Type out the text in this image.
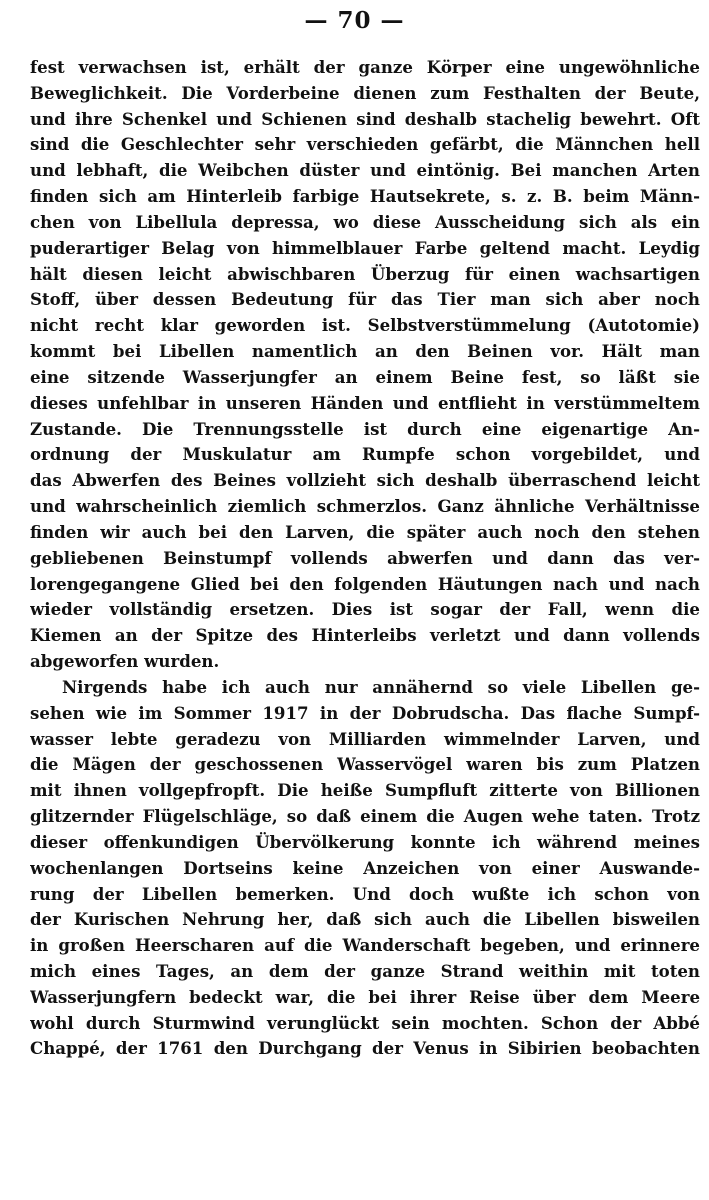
— 70 —
fest verwachsen ist, erhält der ganze Körper eine ungewöhnliche
Beweglichkeit. Die Vorderbeine dienen zum Festhalten der Beute,
und ihre Schenkel und Schienen sind deshalb stachelig bewehrt. Oft
sind die Geschlechter sehr verschieden gefärbt, die Männchen hell
und lebhaft, die Weibchen düster und eintönig. Bei manchen Arten
finden sich am Hinterleib farbige Hautsekrete, s. z. B. beim Männ-
chen von Libellula depressa, wo diese Ausscheidung sich als ein
puderartiger Belag von himmelblauer Farbe geltend macht. Leydig
hält diesen leicht abwischbaren Überzug für einen wachsartigen
Stoff, über dessen Bedeutung für das Tier man sich aber noch
nicht recht klar geworden ist. Selbstverstümmelung (Autotomie)
kommt bei Libellen namentlich an den Beinen vor. Hält man
eine sitzende Wasserjungfer an einem Beine fest, so läßt sie
dieses unfehlbar in unseren Händen und entflieht in verstümmeltem
Zustande. Die Trennungsstelle ist durch eine eigenartige An-
ordnung der Muskulatur am Rumpfe schon vorgebildet, und
das Abwerfen des Beines vollzieht sich deshalb überraschend leicht
und wahrscheinlich ziemlich schmerzlos. Ganz ähnliche Verhältnisse
finden wir auch bei den Larven, die später auch noch den stehen
gebliebenen Beinstumpf vollends abwerfen und dann das ver-
lorengegangene Glied bei den folgenden Häutungen nach und nach
wieder vollständig ersetzen. Dies ist sogar der Fall, wenn die
Kiemen an der Spitze des Hinterleibs verletzt und dann vollends
abgeworfen wurden.
Nirgends habe ich auch nur annähernd so viele Libellen ge-
sehen wie im Sommer 1917 in der Dobrudscha. Das flache Sumpf-
wasser lebte geradezu von Milliarden wimmelnder Larven, und
die Mägen der geschossenen Wasservögel waren bis zum Platzen
mit ihnen vollgepfropft. Die heiße Sumpfluft zitterte von Billionen
glitzernder Flügelschläge, so daß einem die Augen wehe taten. Trotz
dieser offenkundigen Übervölkerung konnte ich während meines
wochenlangen Dortseins keine Anzeichen von einer Auswande-
rung der Libellen bemerken. Und doch wußte ich schon von
der Kurischen Nehrung her, daß sich auch die Libellen bisweilen
in großen Heerscharen auf die Wanderschaft begeben, und erinnere
mich eines Tages, an dem der ganze Strand weithin mit toten
Wasserjungfern bedeckt war, die bei ihrer Reise über dem Meere
wohl durch Sturmwind verunglückt sein mochten. Schon der Abbé
Chappé, der 1761 den Durchgang der Venus in Sibirien beobachten
